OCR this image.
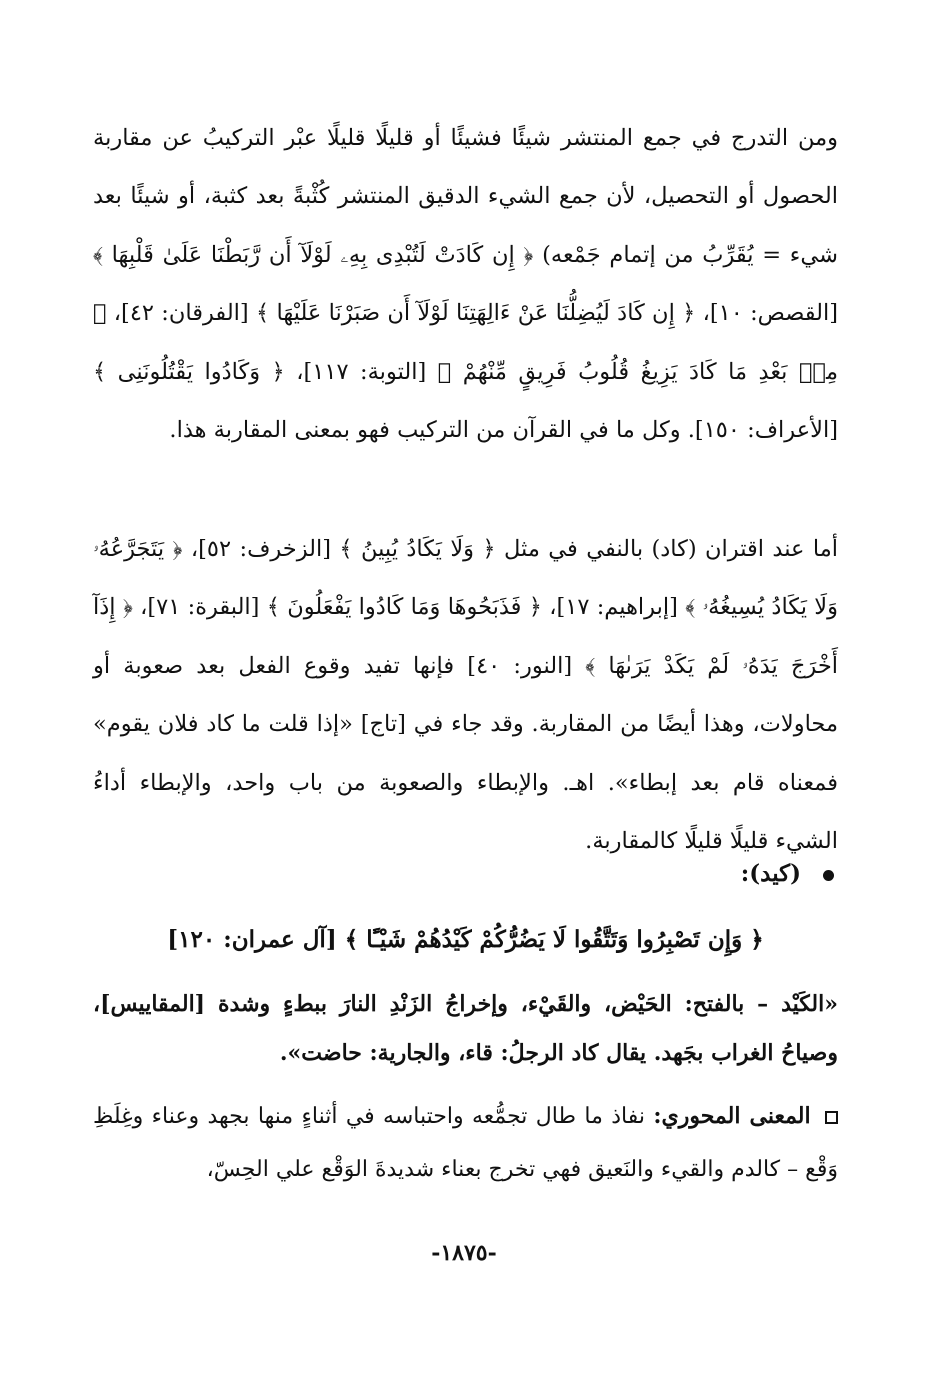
ومن التدرج في جمع المنتشر شيئًا فشيئًا أو قليلًا قليلًا عبْر التركيبُ عن مقاربة الحصول أو التحصيل، لأن جمع الشيء الدقيق المنتشر كُثْبةً بعد كثبة، أو شيئًا بعد شيء = يُقَرِّبُ من إتمام جَمْعه) ﴿ إِن كَادَتْ لَتُبْدِى بِهِۦ لَوْلَآ أَن رَّبَطْنَا عَلَىٰ قَلْبِهَا ﴾ [القصص: ١٠]، ﴿ إِن كَادَ لَيُضِلُّنَا عَنْ ءَالِهَتِنَا لَوْلَآ أَن صَبَرْنَا عَلَيْهَا ﴾ [الفرقان: ٤٢]، ﴿ مِنۢ بَعْدِ مَا كَادَ يَزِيغُ قُلُوبُ فَرِيقٍ مِّنْهُمْ ﴾ [التوبة: ١١٧]، ﴿ وَكَادُوا يَقْتُلُونَنِى ﴾ [الأعراف: ١٥٠]. وكل ما في القرآن من التركيب فهو بمعنى المقاربة هذا.

أما عند اقتران (كاد) بالنفي في مثل ﴿ وَلَا يَكَادُ يُبِينُ ﴾ [الزخرف: ٥٢]، ﴿ يَتَجَرَّعُهُۥ وَلَا يَكَادُ يُسِيغُهُۥ ﴾ [إبراهيم: ١٧]، ﴿ فَذَبَحُوهَا وَمَا كَادُوا يَفْعَلُونَ ﴾ [البقرة: ٧١]، ﴿ إِذَآ أَخْرَجَ يَدَهُۥ لَمْ يَكَدْ يَرَىٰهَا ﴾ [النور: ٤٠] فإنها تفيد وقوع الفعل بعد صعوبة أو محاولات، وهذا أيضًا من المقاربة. وقد جاء في [تاج] «إذا قلت ما كاد فلان يقوم» فمعناه قام بعد إبطاء». اهـ. والإبطاء والصعوبة من باب واحد، والإبطاء أداءُ الشيء قليلًا قليلًا كالمقاربة.

(كيد):
﴿ وَإِن تَصْبِرُوا وَتَتَّقُوا لَا يَضُرُّكُمْ كَيْدُهُمْ شَيْـًٔا ﴾ [آل عمران: ١٢٠]
«الكَيْد – بالفتح: الحَيْض، والقَيْء، وإخراجُ الزَنْدِ النارَ ببطءٍ وشدة [المقاييس]، وصياحُ الغراب بجَهد. يقال كاد الرجلُ: قاء، والجارية: حاضت».
المعنى المحوري: نفاذ ما طال تجمُّعه واحتباسه في أثناءٍ منها بجهد وعناء وغِلَظِ وَقْع – كالدم والقيء والنَعيق فهي تخرج بعناء شديدةَ الوَقْع علي الحِسّ،
-١٨٧٥-
